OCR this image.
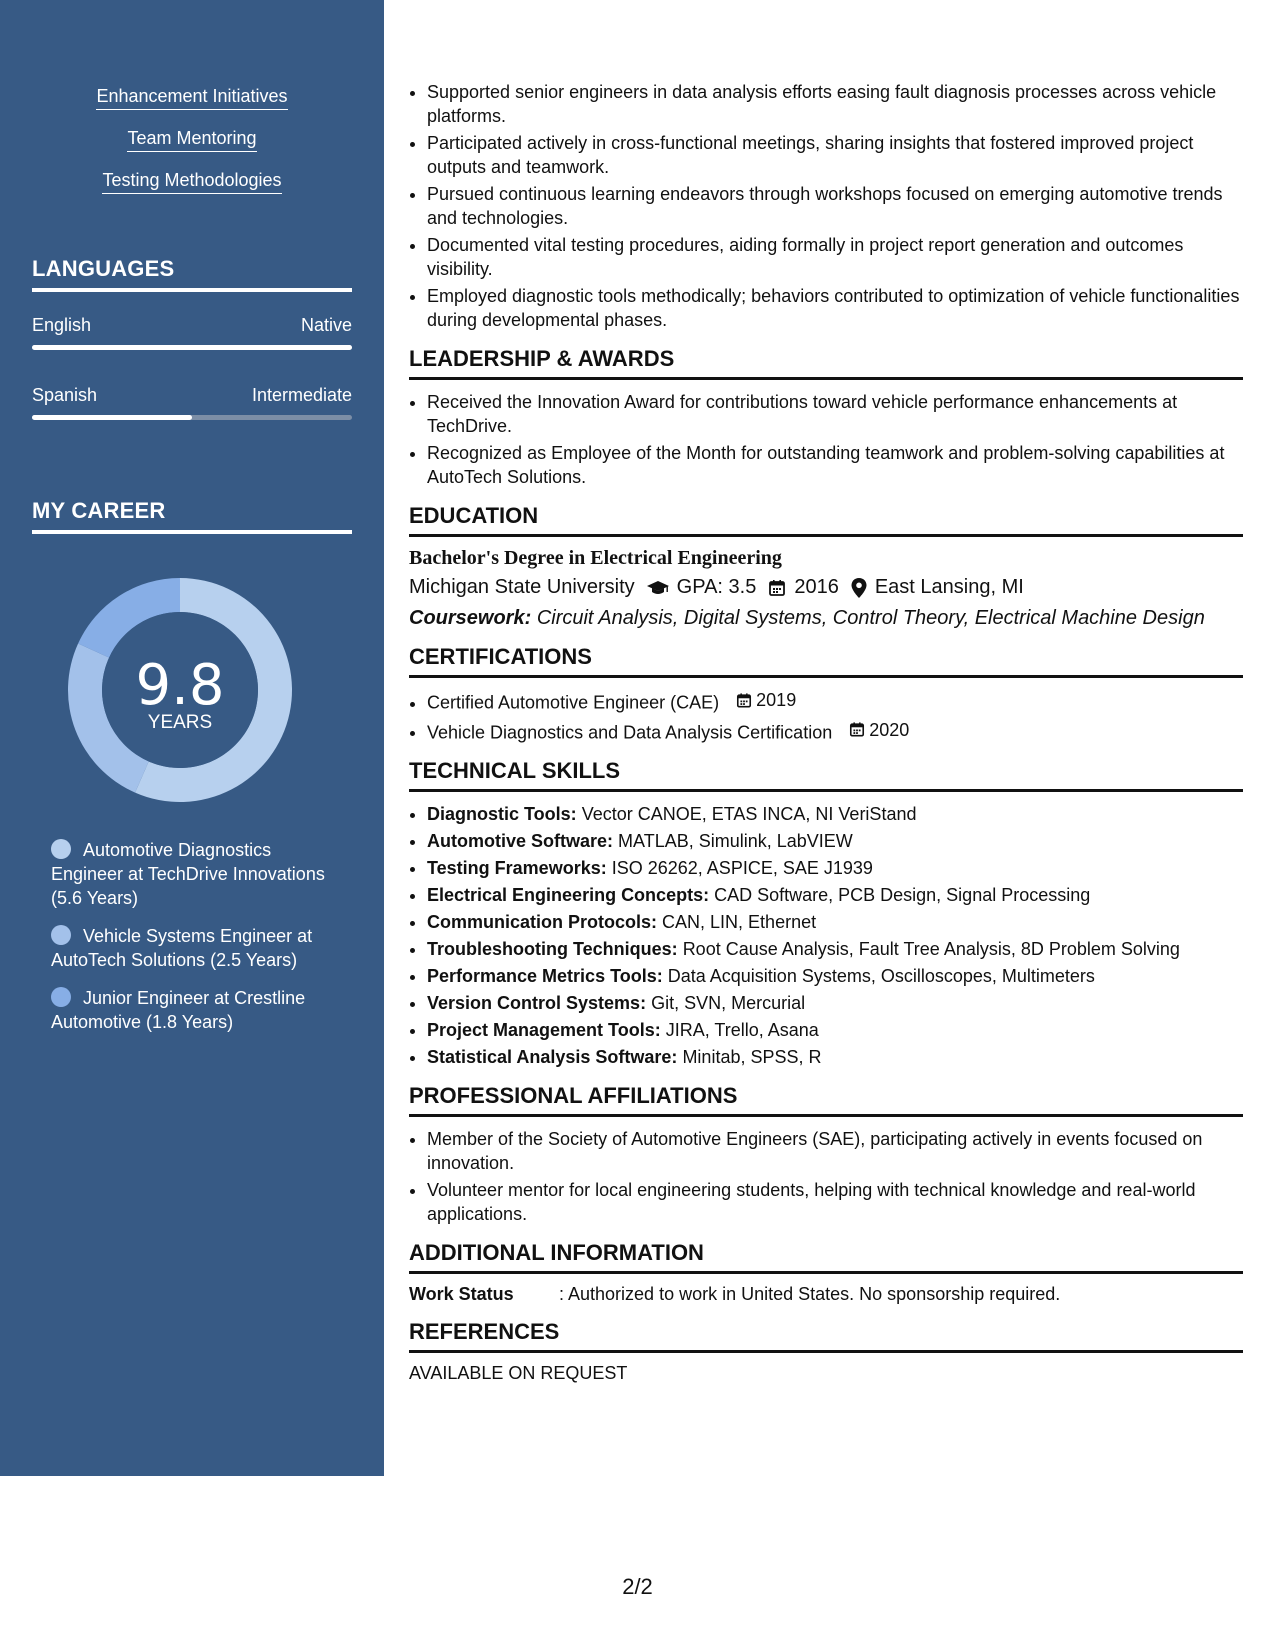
Enhancement Initiatives
Team Mentoring
Testing Methodologies
LANGUAGES
English	Native
Spanish	Intermediate
MY CAREER
9.8
YEARS
Automotive Diagnostics Engineer at TechDrive Innovations (5.6 Years)
Vehicle Systems Engineer at AutoTech Solutions (2.5 Years)
Junior Engineer at Crestline Automotive (1.8 Years)
• Supported senior engineers in data analysis efforts easing fault diagnosis processes across vehicle platforms.
• Participated actively in cross-functional meetings, sharing insights that fostered improved project outputs and teamwork.
• Pursued continuous learning endeavors through workshops focused on emerging automotive trends and technologies.
• Documented vital testing procedures, aiding formally in project report generation and outcomes visibility.
• Employed diagnostic tools methodically; behaviors contributed to optimization of vehicle functionalities during developmental phases.
LEADERSHIP & AWARDS
• Received the Innovation Award for contributions toward vehicle performance enhancements at TechDrive.
• Recognized as Employee of the Month for outstanding teamwork and problem-solving capabilities at AutoTech Solutions.
EDUCATION
Bachelor's Degree in Electrical Engineering
Michigan State University GPA: 3.5 2016 East Lansing, MI
Coursework: Circuit Analysis, Digital Systems, Control Theory, Electrical Machine Design
CERTIFICATIONS
• Certified Automotive Engineer (CAE) 2019
• Vehicle Diagnostics and Data Analysis Certification 2020
TECHNICAL SKILLS
• Diagnostic Tools: Vector CANOE, ETAS INCA, NI VeriStand
• Automotive Software: MATLAB, Simulink, LabVIEW
• Testing Frameworks: ISO 26262, ASPICE, SAE J1939
• Electrical Engineering Concepts: CAD Software, PCB Design, Signal Processing
• Communication Protocols: CAN, LIN, Ethernet
• Troubleshooting Techniques: Root Cause Analysis, Fault Tree Analysis, 8D Problem Solving
• Performance Metrics Tools: Data Acquisition Systems, Oscilloscopes, Multimeters
• Version Control Systems: Git, SVN, Mercurial
• Project Management Tools: JIRA, Trello, Asana
• Statistical Analysis Software: Minitab, SPSS, R
PROFESSIONAL AFFILIATIONS
• Member of the Society of Automotive Engineers (SAE), participating actively in events focused on innovation.
• Volunteer mentor for local engineering students, helping with technical knowledge and real-world applications.
ADDITIONAL INFORMATION
Work Status	: Authorized to work in United States. No sponsorship required.
REFERENCES
AVAILABLE ON REQUEST
2/2
